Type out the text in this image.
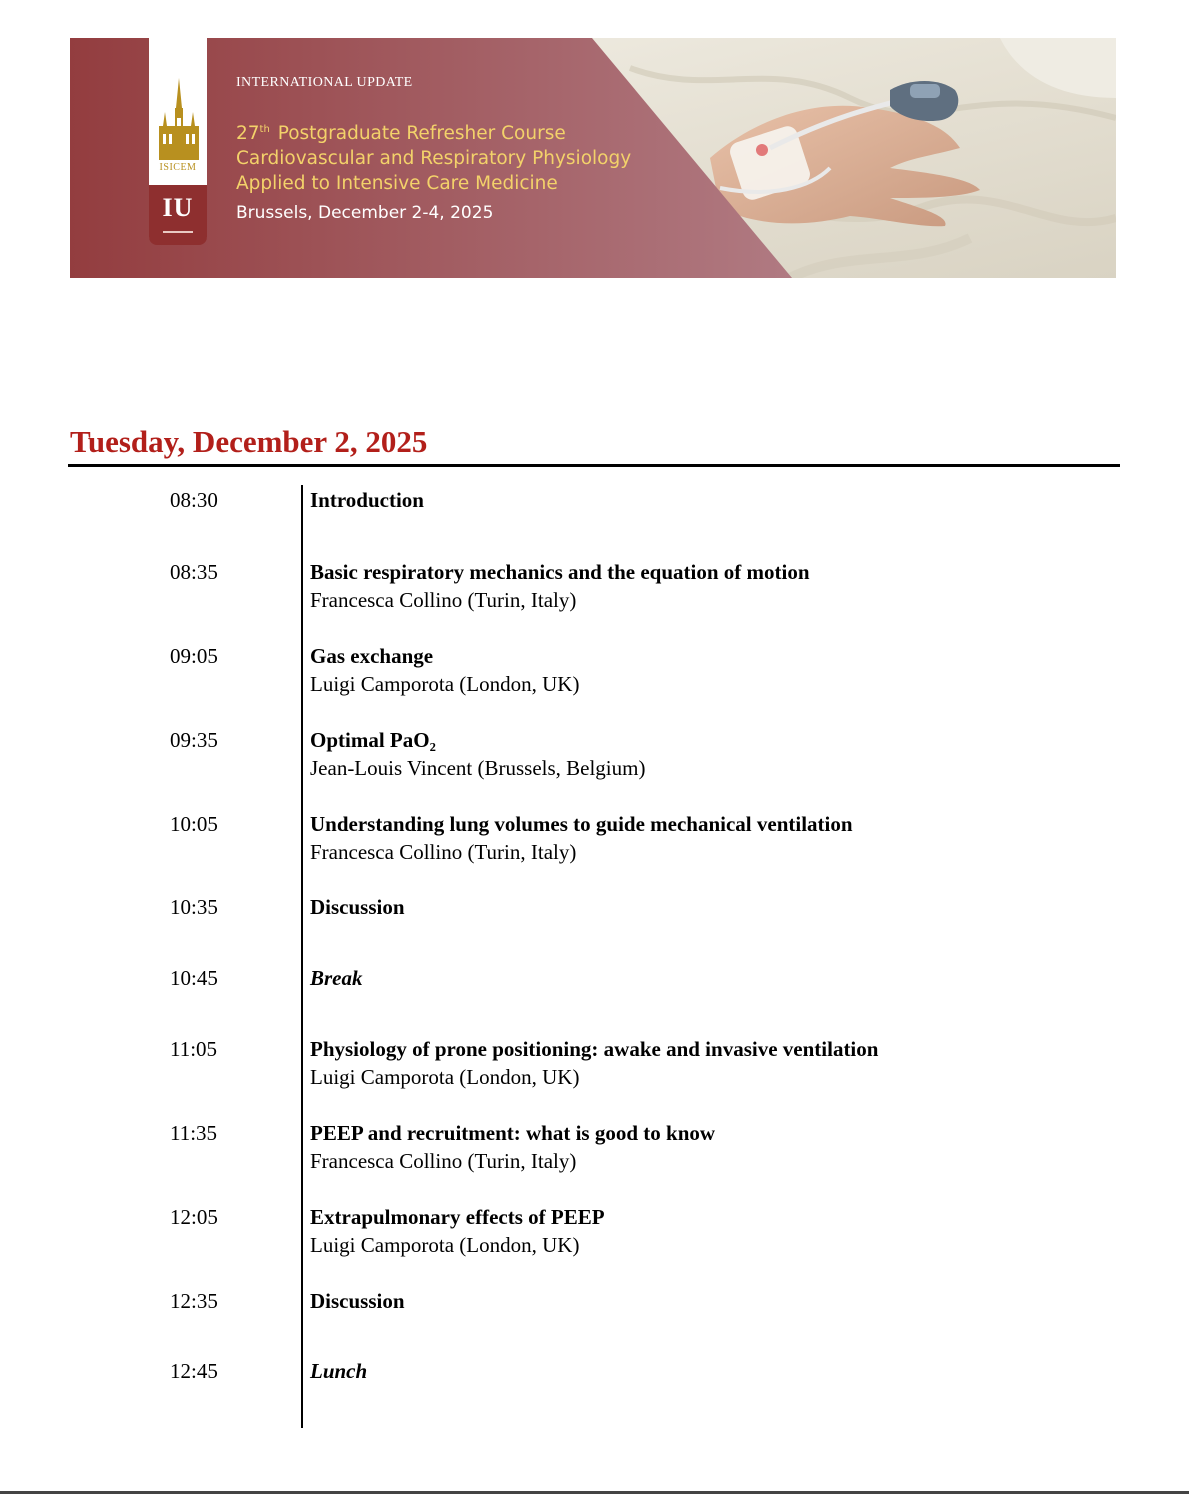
ISICEM
IU
INTERNATIONAL UPDATE
27th Postgraduate Refresher Course
Cardiovascular and Respiratory Physiology
Applied to Intensive Care Medicine
Brussels, December 2-4, 2025
Tuesday, December 2, 2025
08:30	Introduction
08:35	Basic respiratory mechanics and the equation of motion
Francesca Collino (Turin, Italy)
09:05	Gas exchange
Luigi Camporota (London, UK)
09:35	Optimal PaO₂
Jean-Louis Vincent (Brussels, Belgium)
10:05	Understanding lung volumes to guide mechanical ventilation
Francesca Collino (Turin, Italy)
10:35	Discussion
10:45	Break
11:05	Physiology of prone positioning: awake and invasive ventilation
Luigi Camporota (London, UK)
11:35	PEEP and recruitment: what is good to know
Francesca Collino (Turin, Italy)
12:05	Extrapulmonary effects of PEEP
Luigi Camporota (London, UK)
12:35	Discussion
12:45	Lunch
